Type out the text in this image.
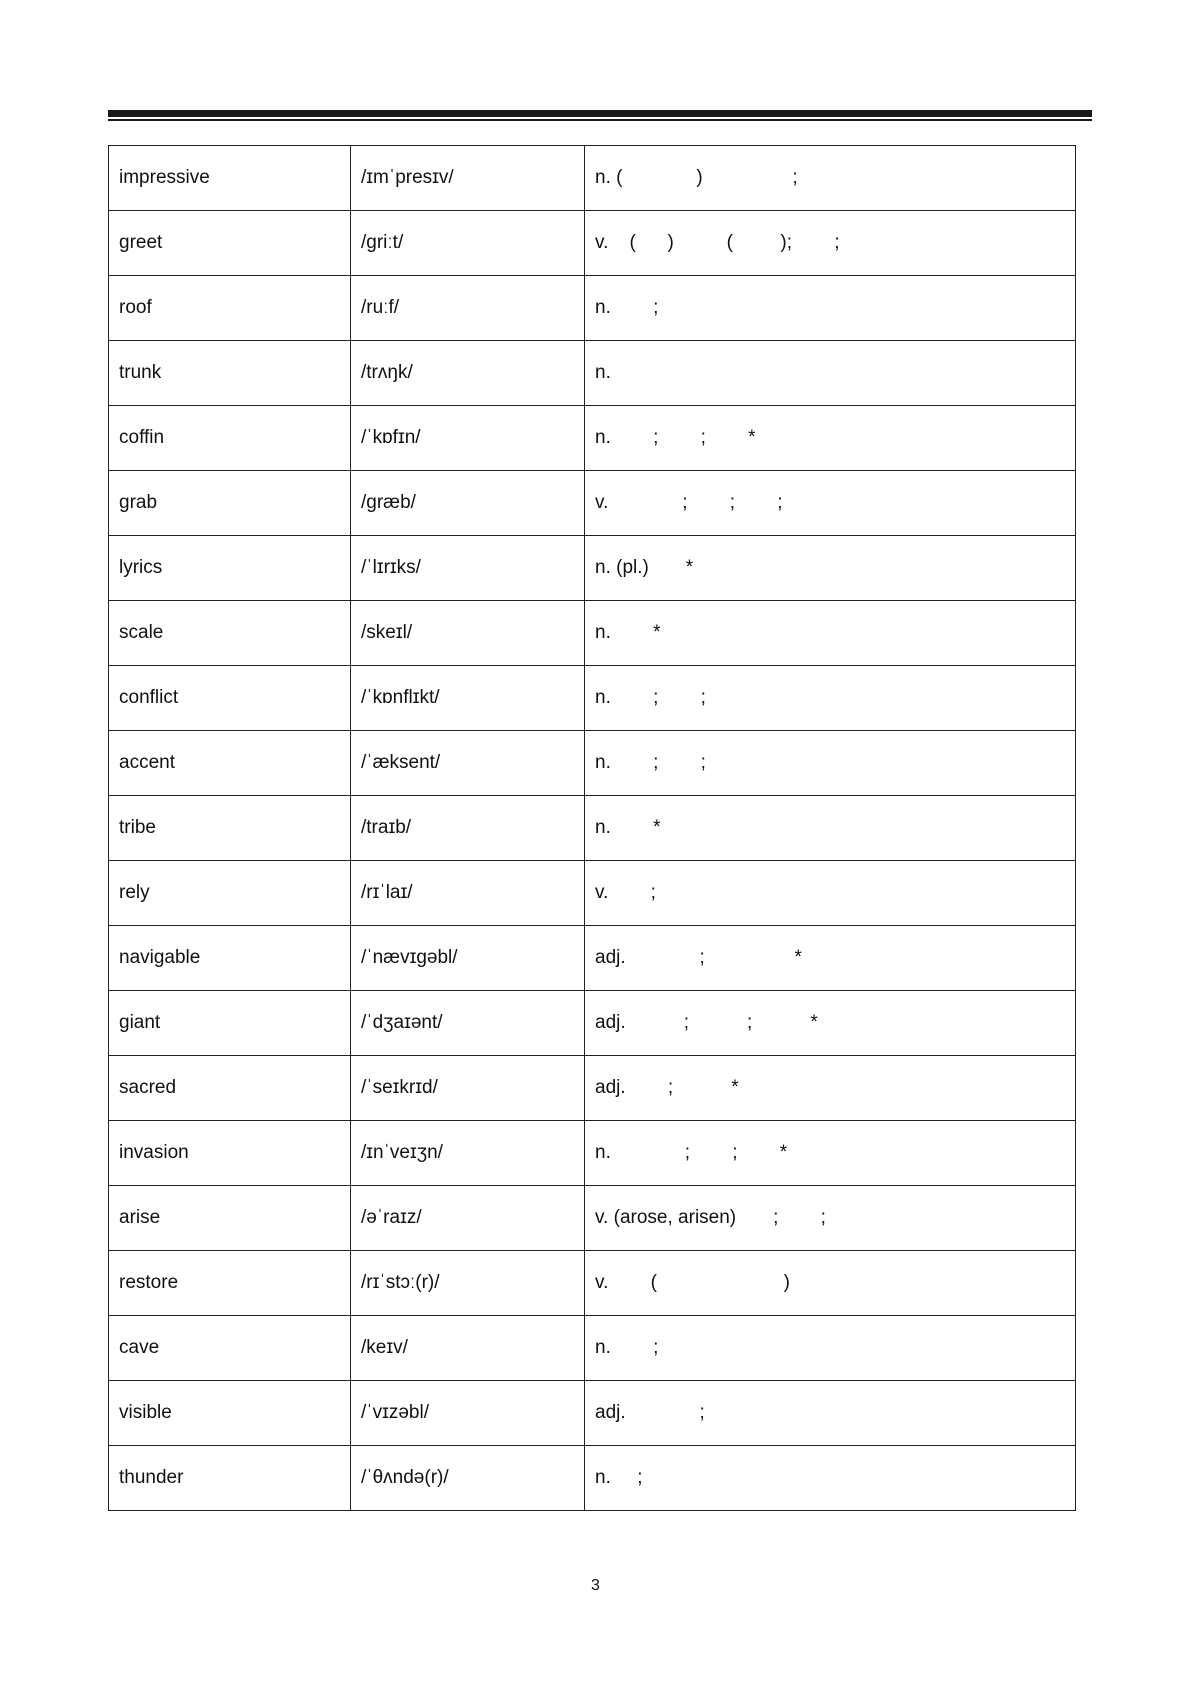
impressive	/ɪmˈpresɪv/	n. (              )                 ;
greet	/ɡriːt/	v.    (      )          (         );        ;
roof	/ruːf/	n.        ;
trunk	/trʌŋk/	n.
coffin	/ˈkɒfɪn/	n.        ;        ;        *
grab	/ɡræb/	v.              ;        ;        ;
lyrics	/ˈlɪrɪks/	n. (pl.)       *
scale	/skeɪl/	n.        *
conflict	/ˈkɒnflɪkt/	n.        ;        ;
accent	/ˈæksent/	n.        ;        ;
tribe	/traɪb/	n.        *
rely	/rɪˈlaɪ/	v.        ;
navigable	/ˈnævɪɡəbl/	adj.              ;                 *
giant	/ˈdʒaɪənt/	adj.           ;           ;           *
sacred	/ˈseɪkrɪd/	adj.        ;           *
invasion	/ɪnˈveɪʒn/	n.              ;        ;        *
arise	/əˈraɪz/	v. (arose, arisen)       ;        ;
restore	/rɪˈstɔː(r)/	v.        (                        )
cave	/keɪv/	n.        ;
visible	/ˈvɪzəbl/	adj.              ;
thunder	/ˈθʌndə(r)/	n.     ;
3
